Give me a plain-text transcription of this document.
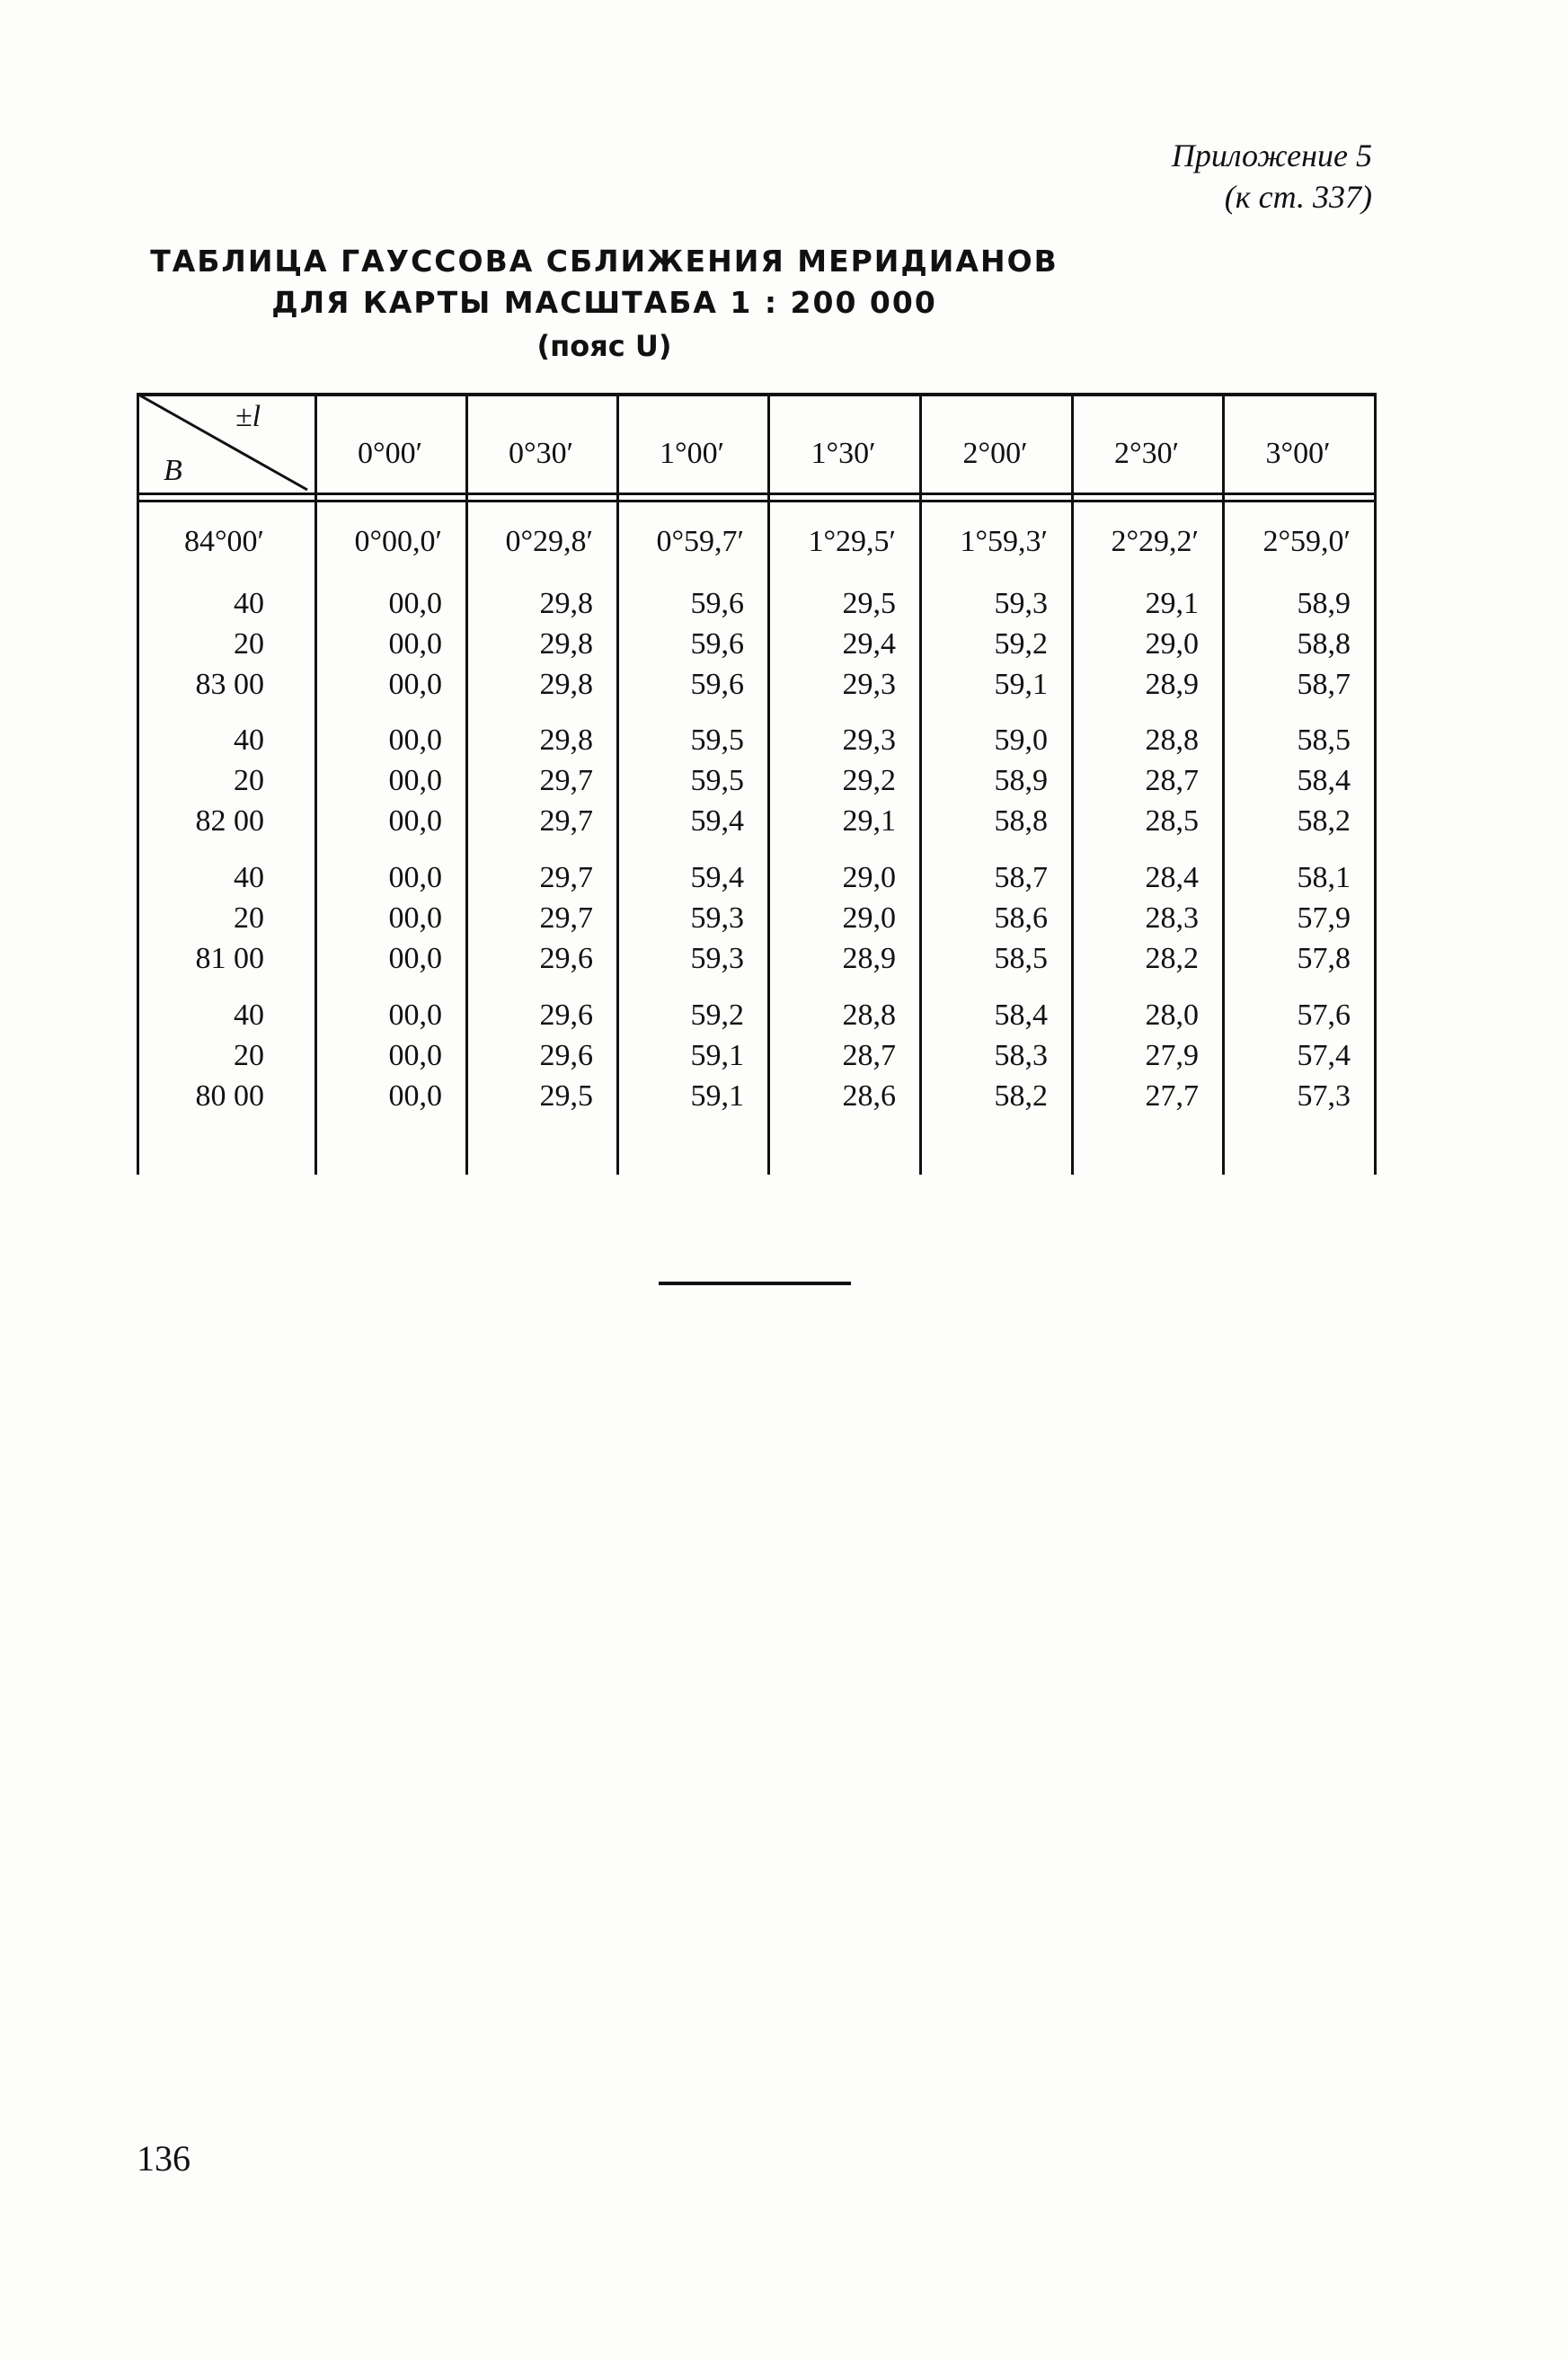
Приложение 5
(к ст. 337)
ТАБЛИЦА ГАУССОВА СБЛИЖЕНИЯ МЕРИДИАНОВ
ДЛЯ КАРТЫ МАСШТАБА 1 : 200 000
(пояс U)
±l
B
0°00′	0°30′	1°00′	1°30′	2°00′	2°30′	3°00′
84°00′	0°00,0′ 0°29,8′ 0°59,7′ 1°29,5′ 1°59,3′ 2°29,2′ 2°59,0′
40	00,0	29,8	59,6	29,5	59,3	29,1	58,9
20	00,0	29,8	59,6	29,4	59,2	29,0	58,8
83 00	00,0	29,8	59,6	29,3	59,1	28,9	58,7
40	00,0	29,8	59,5	29,3	59,0	28,8	58,5
20	00,0	29,7	59,5	29,2	58,9	28,7	58,4
82 00	00,0	29,7	59,4	29,1	58,8	28,5	58,2
40	00,0	29,7	59,4	29,0	58,7	28,4	58,1
20	00,0	29,7	59,3	29,0	58,6	28,3	57,9
81 00	00,0	29,6	59,3	28,9	58,5	28,2	57,8
40	00,0	29,6	59,2	28,8	58,4	28,0	57,6
20	00,0	29,6	59,1	28,7	58,3	27,9	57,4
80 00	00,0	29,5	59,1	28,6	58,2	27,7	57,3
136
